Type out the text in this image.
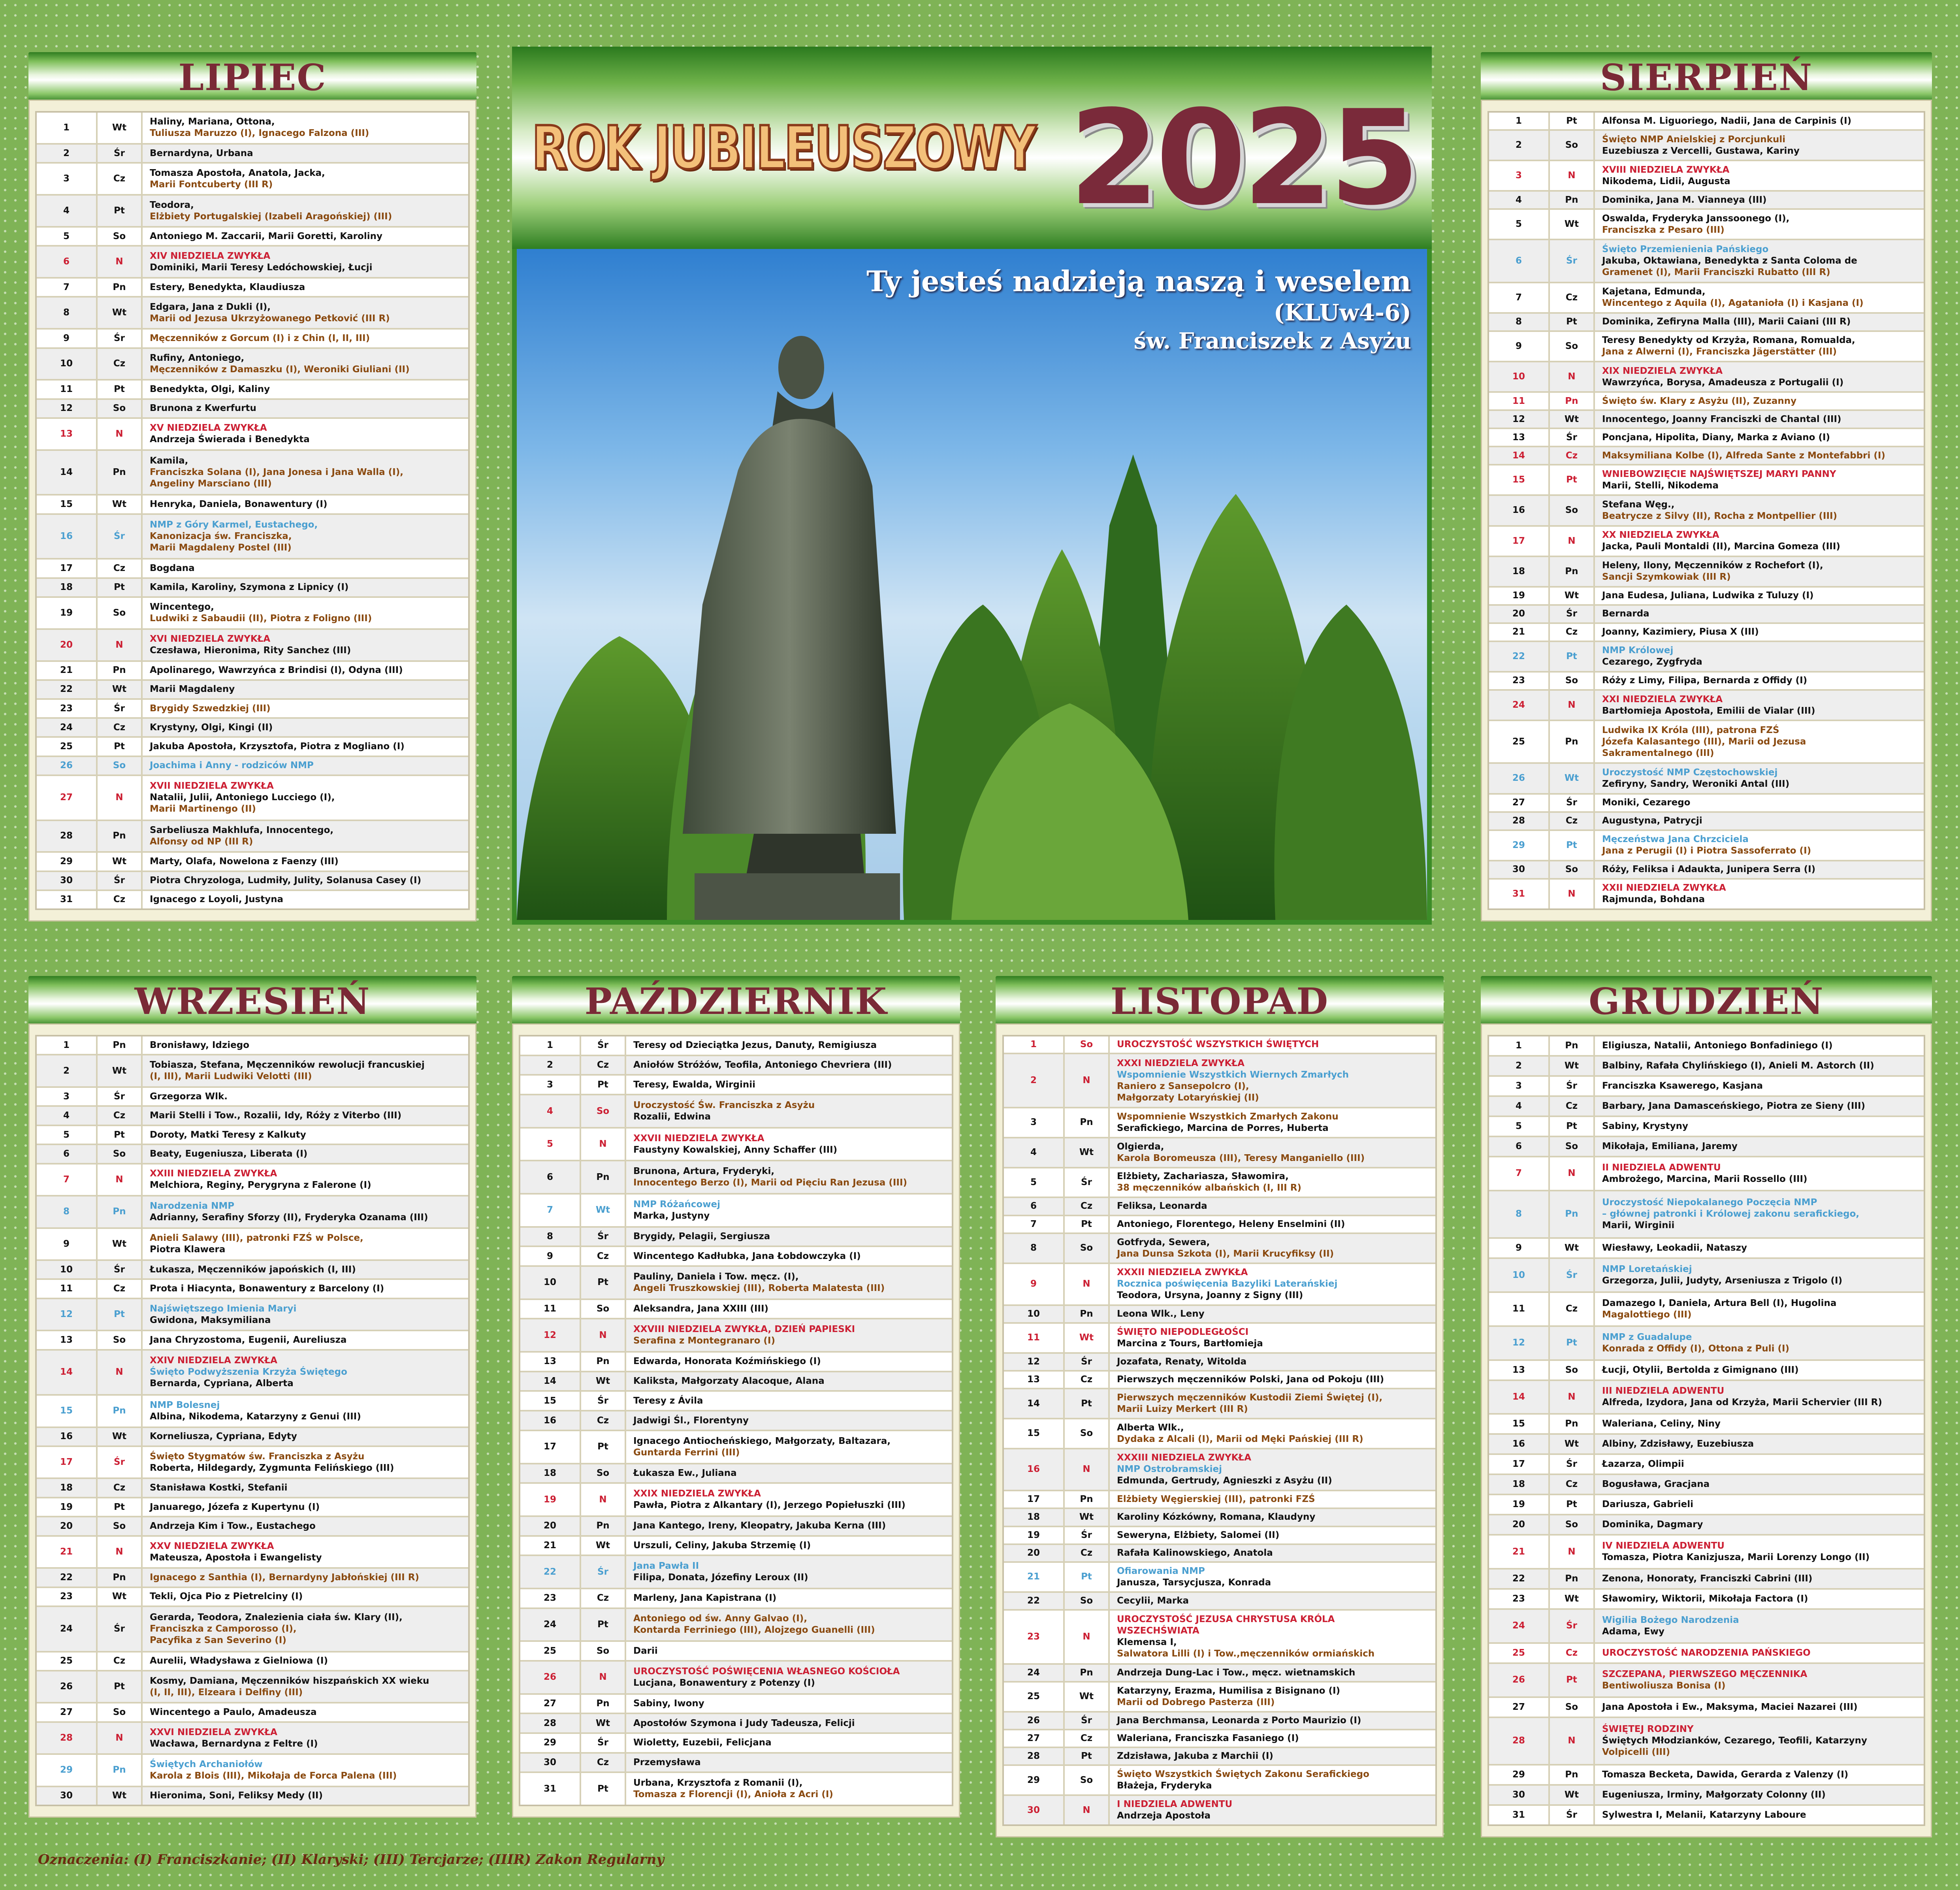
LIPIEC
1	Wt
Haliny, Mariana, Ottona,
Tuliusza Maruzzo (I), Ignacego Falzona (III)
2	Śr	Bernardyna, Urbana
3	Cz
Tomasza Apostoła, Anatola, Jacka,
Marii Fontcuberty (III R)
4	Pt
Teodora,
Elżbiety Portugalskiej (Izabeli Aragońskiej) (III)
5	So	Antoniego M. Zaccarii, Marii Goretti, Karoliny
6	N
XIV NIEDZIELA ZWYKŁA
Dominiki, Marii Teresy Ledóchowskiej, Łucji
7	Pn	Estery, Benedykta, Klaudiusza
8	Wt
Edgara, Jana z Dukli (I),
Marii od Jezusa Ukrzyżowanego Petković (III R)
9	Śr	Męczenników z Gorcum (I) i z Chin (I, II, III)
10	Cz
Rufiny, Antoniego,
Męczenników z Damaszku (I), Weroniki Giuliani (II)
11	Pt	Benedykta, Olgi, Kaliny
12	So	Brunona z Kwerfurtu
13	N
XV NIEDZIELA ZWYKŁA
Andrzeja Świerada i Benedykta
14	Pn
Kamila,
Franciszka Solana (I), Jana Jonesa i Jana Walla (I),
Angeliny Marsciano (III)
15	Wt	Henryka, Daniela, Bonawentury (I)
16	Śr
NMP z Góry Karmel, Eustachego,
Kanonizacja św. Franciszka,
Marii Magdaleny Postel (III)
17	Cz	Bogdana
18	Pt	Kamila, Karoliny, Szymona z Lipnicy (I)
19	So
Wincentego,
Ludwiki z Sabaudii (II), Piotra z Foligno (III)
20	N
XVI NIEDZIELA ZWYKŁA
Czesława, Hieronima, Rity Sanchez (III)
21	Pn	Apolinarego, Wawrzyńca z Brindisi (I), Odyna (III)
22	Wt	Marii Magdaleny
23	Śr	Brygidy Szwedzkiej (III)
24	Cz	Krystyny, Olgi, Kingi (II)
25	Pt	Jakuba Apostoła, Krzysztofa, Piotra z Mogliano (I)
26	So	Joachima i Anny - rodziców NMP
27	N
XVII NIEDZIELA ZWYKŁA
Natalii, Julii, Antoniego Lucciego (I),
Marii Martinengo (II)
28	Pn
Sarbeliusza Makhlufa, Innocentego,
Alfonsy od NP (III R)
29	Wt	Marty, Olafa, Nowelona z Faenzy (III)
30	Śr	Piotra Chryzologa, Ludmiły, Julity, Solanusa Casey (I)
31	Cz	Ignacego z Loyoli, Justyna
ROK JUBILEUSZOWY 2025
Ty jesteś nadzieją naszą i weselem
(KLUw4-6)
św. Franciszek z Asyżu
SIERPIEŃ
1	Pt	Alfonsa M. Liguoriego, Nadii, Jana de Carpinis (I)
2	So
Święto NMP Anielskiej z Porcjunkuli
Euzebiusza z Vercelli, Gustawa, Kariny
3	N
XVIII NIEDZIELA ZWYKŁA
Nikodema, Lidii, Augusta
4	Pn	Dominika, Jana M. Vianneya (III)
5	Wt
Oswalda, Fryderyka Janssoonego (I),
Franciszka z Pesaro (III)
6	Śr
Święto Przemienienia Pańskiego
Jakuba, Oktawiana, Benedykta z Santa Coloma de
Gramenet (I), Marii Franciszki Rubatto (III R)
7	Cz
Kajetana, Edmunda,
Wincentego z Aquila (I), Agatanioła (I) i Kasjana (I)
8	Pt	Dominika, Zefiryna Malla (III), Marii Caiani (III R)
9	So
Teresy Benedykty od Krzyża, Romana, Romualda,
Jana z Alwerni (I), Franciszka Jägerstätter (III)
10	N
XIX NIEDZIELA ZWYKŁA
Wawrzyńca, Borysa, Amadeusza z Portugalii (I)
11	Pn	Święto św. Klary z Asyżu (II), Zuzanny
12	Wt	Innocentego, Joanny Franciszki de Chantal (III)
13	Śr	Poncjana, Hipolita, Diany, Marka z Aviano (I)
14	Cz	Maksymiliana Kolbe (I), Alfreda Sante z Montefabbri (I)
15	Pt
WNIEBOWZIĘCIE NAJŚWIĘTSZEJ MARYI PANNY
Marii, Stelli, Nikodema
16	So
Stefana Węg.,
Beatrycze z Silvy (II), Rocha z Montpellier (III)
17	N
XX NIEDZIELA ZWYKŁA
Jacka, Pauli Montaldi (II), Marcina Gomeza (III)
18	Pn
Heleny, Ilony, Męczenników z Rochefort (I),
Sancji Szymkowiak (III R)
19	Wt	Jana Eudesa, Juliana, Ludwika z Tuluzy (I)
20	Śr	Bernarda
21	Cz	Joanny, Kazimiery, Piusa X (III)
22	Pt
NMP Królowej
Cezarego, Zygfryda
23	So	Róży z Limy, Filipa, Bernarda z Offidy (I)
24	N
XXI NIEDZIELA ZWYKŁA
Bartłomieja Apostoła, Emilii de Vialar (III)
25	Pn
Ludwika IX Króla (III), patrona FZŚ
Józefa Kalasantego (III), Marii od Jezusa
Sakramentalnego (III)
26	Wt
Uroczystość NMP Częstochowskiej
Zefiryny, Sandry, Weroniki Antal (III)
27	Śr	Moniki, Cezarego
28	Cz	Augustyna, Patrycji
29	Pt
Męczeństwa Jana Chrzciciela
Jana z Perugii (I) i Piotra Sassoferrato (I)
30	So	Róży, Feliksa i Adaukta, Junipera Serra (I)
31	N
XXII NIEDZIELA ZWYKŁA
Rajmunda, Bohdana
WRZESIEŃ
1	Pn	Bronisławy, Idziego
2	Wt
Tobiasza, Stefana, Męczenników rewolucji francuskiej
(I, III), Marii Ludwiki Velotti (III)
3	Śr	Grzegorza Wlk.
4	Cz	Marii Stelli i Tow., Rozalii, Idy, Róży z Viterbo (III)
5	Pt	Doroty, Matki Teresy z Kalkuty
6	So	Beaty, Eugeniusza, Liberata (I)
7	N
XXIII NIEDZIELA ZWYKŁA
Melchiora, Reginy, Perygryna z Falerone (I)
8	Pn
Narodzenia NMP
Adrianny, Serafiny Sforzy (II), Fryderyka Ozanama (III)
9	Wt
Anieli Salawy (III), patronki FZŚ w Polsce,
Piotra Klawera
10	Śr	Łukasza, Męczenników japońskich (I, III)
11	Cz	Prota i Hiacynta, Bonawentury z Barcelony (I)
12	Pt
Najświętszego Imienia Maryi
Gwidona, Maksymiliana
13	So	Jana Chryzostoma, Eugenii, Aureliusza
14	N
XXIV NIEDZIELA ZWYKŁA
Święto Podwyższenia Krzyża Świętego
Bernarda, Cypriana, Alberta
15	Pn
NMP Bolesnej
Albina, Nikodema, Katarzyny z Genui (III)
16	Wt	Korneliusza, Cypriana, Edyty
17	Śr
Święto Stygmatów św. Franciszka z Asyżu
Roberta, Hildegardy, Zygmunta Felińskiego (III)
18	Cz	Stanisława Kostki, Stefanii
19	Pt	Januarego, Józefa z Kupertynu (I)
20	So	Andrzeja Kim i Tow., Eustachego
21	N
XXV NIEDZIELA ZWYKŁA
Mateusza, Apostoła i Ewangelisty
22	Pn	Ignacego z Santhia (I), Bernardyny Jabłońskiej (III R)
23	Wt	Tekli, Ojca Pio z Pietrelciny (I)
24	Śr
Gerarda, Teodora, Znalezienia ciała św. Klary (II),
Franciszka z Camporosso (I),
Pacyfika z San Severino (I)
25	Cz	Aurelii, Władysława z Gielniowa (I)
26	Pt
Kosmy, Damiana, Męczenników hiszpańskich XX wieku
(I, II, III), Elzeara i Delfiny (III)
27	So	Wincentego a Paulo, Amadeusza
28	N
XXVI NIEDZIELA ZWYKŁA
Wacława, Bernardyna z Feltre (I)
29	Pn
Świętych Archaniołów
Karola z Blois (III), Mikołaja de Forca Palena (III)
30	Wt	Hieronima, Soni, Feliksy Medy (II)
PAŹDZIERNIK
1	Śr	Teresy od Dzieciątka Jezus, Danuty, Remigiusza
2	Cz	Aniołów Stróżów, Teofila, Antoniego Chevriera (III)
3	Pt	Teresy, Ewalda, Wirginii
4	So
Uroczystość Św. Franciszka z Asyżu
Rozalii, Edwina
5	N
XXVII NIEDZIELA ZWYKŁA
Faustyny Kowalskiej, Anny Schaffer (III)
6	Pn
Brunona, Artura, Fryderyki,
Innocentego Berzo (I), Marii od Pięciu Ran Jezusa (III)
7	Wt
NMP Różańcowej
Marka, Justyny
8	Śr	Brygidy, Pelagii, Sergiusza
9	Cz	Wincentego Kadłubka, Jana Łobdowczyka (I)
10	Pt
Pauliny, Daniela i Tow. męcz. (I),
Angeli Truszkowskiej (III), Roberta Malatesta (III)
11	So	Aleksandra, Jana XXIII (III)
12	N
XXVIII NIEDZIELA ZWYKŁA, DZIEŃ PAPIESKI
Serafina z Montegranaro (I)
13	Pn	Edwarda, Honorata Koźmińskiego (I)
14	Wt	Kaliksta, Małgorzaty Alacoque, Alana
15	Śr	Teresy z Ávila
16	Cz	Jadwigi Śl., Florentyny
17	Pt
Ignacego Antiocheńskiego, Małgorzaty, Baltazara,
Guntarda Ferrini (III)
18	So	Łukasza Ew., Juliana
19	N
XXIX NIEDZIELA ZWYKŁA
Pawła, Piotra z Alkantary (I), Jerzego Popiełuszki (III)
20	Pn	Jana Kantego, Ireny, Kleopatry, Jakuba Kerna (III)
21	Wt	Urszuli, Celiny, Jakuba Strzemię (I)
22	Śr
Jana Pawła II
Filipa, Donata, Józefiny Leroux (II)
23	Cz	Marleny, Jana Kapistrana (I)
24	Pt
Antoniego od św. Anny Galvao (I),
Kontarda Ferriniego (III), Alojzego Guanelli (III)
25	So	Darii
26	N
UROCZYSTOŚĆ POŚWIĘCENIA WŁASNEGO KOŚCIOŁA
Lucjana, Bonawentury z Potenzy (I)
27	Pn	Sabiny, Iwony
28	Wt	Apostołów Szymona i Judy Tadeusza, Felicji
29	Śr	Wioletty, Euzebii, Felicjana
30	Cz	Przemysława
31	Pt
Urbana, Krzysztofa z Romanii (I),
Tomasza z Florencji (I), Anioła z Acri (I)
LISTOPAD
1	So	UROCZYSTOŚĆ WSZYSTKICH ŚWIĘTYCH
2	N
XXXI NIEDZIELA ZWYKŁA
Wspomnienie Wszystkich Wiernych Zmarłych
Raniero z Sansepolcro (I),
Małgorzaty Lotaryńskiej (II)
3	Pn
Wspomnienie Wszystkich Zmarłych Zakonu
Serafickiego, Marcina de Porres, Huberta
4	Wt
Olgierda,
Karola Boromeusza (III), Teresy Manganiello (III)
5	Śr
Elżbiety, Zachariasza, Sławomira,
38 męczenników albańskich (I, III R)
6	Cz	Feliksa, Leonarda
7	Pt	Antoniego, Florentego, Heleny Enselmini (II)
8	So
Gotfryda, Sewera,
Jana Dunsa Szkota (I), Marii Krucyfiksy (II)
9	N
XXXII NIEDZIELA ZWYKŁA
Rocznica poświęcenia Bazyliki Laterańskiej
Teodora, Ursyna, Joanny z Signy (III)
10	Pn	Leona Wlk., Leny
11	Wt
ŚWIĘTO NIEPODLEGŁOŚCI
Marcina z Tours, Bartłomieja
12	Śr	Jozafata, Renaty, Witolda
13	Cz	Pierwszych męczenników Polski, Jana od Pokoju (III)
14	Pt
Pierwszych męczenników Kustodii Ziemi Świętej (I),
Marii Luizy Merkert (III R)
15	So
Alberta Wlk.,
Dydaka z Alcali (I), Marii od Męki Pańskiej (III R)
16	N
XXXIII NIEDZIELA ZWYKŁA
NMP Ostrobramskiej
Edmunda, Gertrudy, Agnieszki z Asyżu (II)
17	Pn	Elżbiety Węgierskiej (III), patronki FZŚ
18	Wt	Karoliny Kózkówny, Romana, Klaudyny
19	Śr	Seweryna, Elżbiety, Salomei (II)
20	Cz	Rafała Kalinowskiego, Anatola
21	Pt
Ofiarowania NMP
Janusza, Tarsycjusza, Konrada
22	So	Cecylii, Marka
23	N
UROCZYSTOŚĆ JEZUSA CHRYSTUSA KRÓLA
WSZECHŚWIATA
Klemensa I,
Salwatora Lilli (I) i Tow.,męczenników ormiańskich
24	Pn	Andrzeja Dung-Lac i Tow., męcz. wietnamskich
25	Wt
Katarzyny, Erazma, Humilisa z Bisignano (I)
Marii od Dobrego Pasterza (III)
26	Śr	Jana Berchmansa, Leonarda z Porto Maurizio (I)
27	Cz	Waleriana, Franciszka Fasaniego (I)
28	Pt	Zdzisława, Jakuba z Marchii (I)
29	So
Święto Wszystkich Świętych Zakonu Serafickiego
Błażeja, Fryderyka
30	N
I NIEDZIELA ADWENTU
Andrzeja Apostoła
GRUDZIEŃ
1	Pn	Eligiusza, Natalii, Antoniego Bonfadiniego (I)
2	Wt	Balbiny, Rafała Chylińskiego (I), Anieli M. Astorch (II)
3	Śr	Franciszka Ksawerego, Kasjana
4	Cz	Barbary, Jana Damasceńskiego, Piotra ze Sieny (III)
5	Pt	Sabiny, Krystyny
6	So	Mikołaja, Emiliana, Jaremy
7	N
II NIEDZIELA ADWENTU
Ambrożego, Marcina, Marii Rossello (III)
8	Pn
Uroczystość Niepokalanego Poczęcia NMP
– głównej patronki i Królowej zakonu serafickiego,
Marii, Wirginii
9	Wt	Wiesławy, Leokadii, Nataszy
10	Śr
NMP Loretańskiej
Grzegorza, Julii, Judyty, Arseniusza z Trigolo (I)
11	Cz
Damazego I, Daniela, Artura Bell (I), Hugolina
Magalottiego (III)
12	Pt
NMP z Guadalupe
Konrada z Offidy (I), Ottona z Puli (I)
13	So	Łucji, Otylii, Bertolda z Gimignano (III)
14	N
III NIEDZIELA ADWENTU
Alfreda, Izydora, Jana od Krzyża, Marii Schervier (III R)
15	Pn	Waleriana, Celiny, Niny
16	Wt	Albiny, Zdzisławy, Euzebiusza
17	Śr	Łazarza, Olimpii
18	Cz	Bogusława, Gracjana
19	Pt	Dariusza, Gabrieli
20	So	Dominika, Dagmary
21	N
IV NIEDZIELA ADWENTU
Tomasza, Piotra Kanizjusza, Marii Lorenzy Longo (II)
22	Pn	Zenona, Honoraty, Franciszki Cabrini (III)
23	Wt	Sławomiry, Wiktorii, Mikołaja Factora (I)
24	Śr
Wigilia Bożego Narodzenia
Adama, Ewy
25	Cz	UROCZYSTOŚĆ NARODZENIA PAŃSKIEGO
26	Pt
SZCZEPANA, PIERWSZEGO MĘCZENNIKA
Bentiwoliusza Bonisa (I)
27	So	Jana Apostoła i Ew., Maksyma, Maciei Nazarei (III)
28	N
ŚWIĘTEJ RODZINY
Świętych Młodzianków, Cezarego, Teofili, Katarzyny
Volpicelli (III)
29	Pn	Tomasza Becketa, Dawida, Gerarda z Valenzy (I)
30	Wt	Eugeniusza, Irminy, Małgorzaty Colonny (II)
31	Śr	Sylwestra I, Melanii, Katarzyny Laboure
Oznaczenia: (I) Franciszkanie; (II) Klaryski; (III) Tercjarze; (IIIR) Zakon Regularny
